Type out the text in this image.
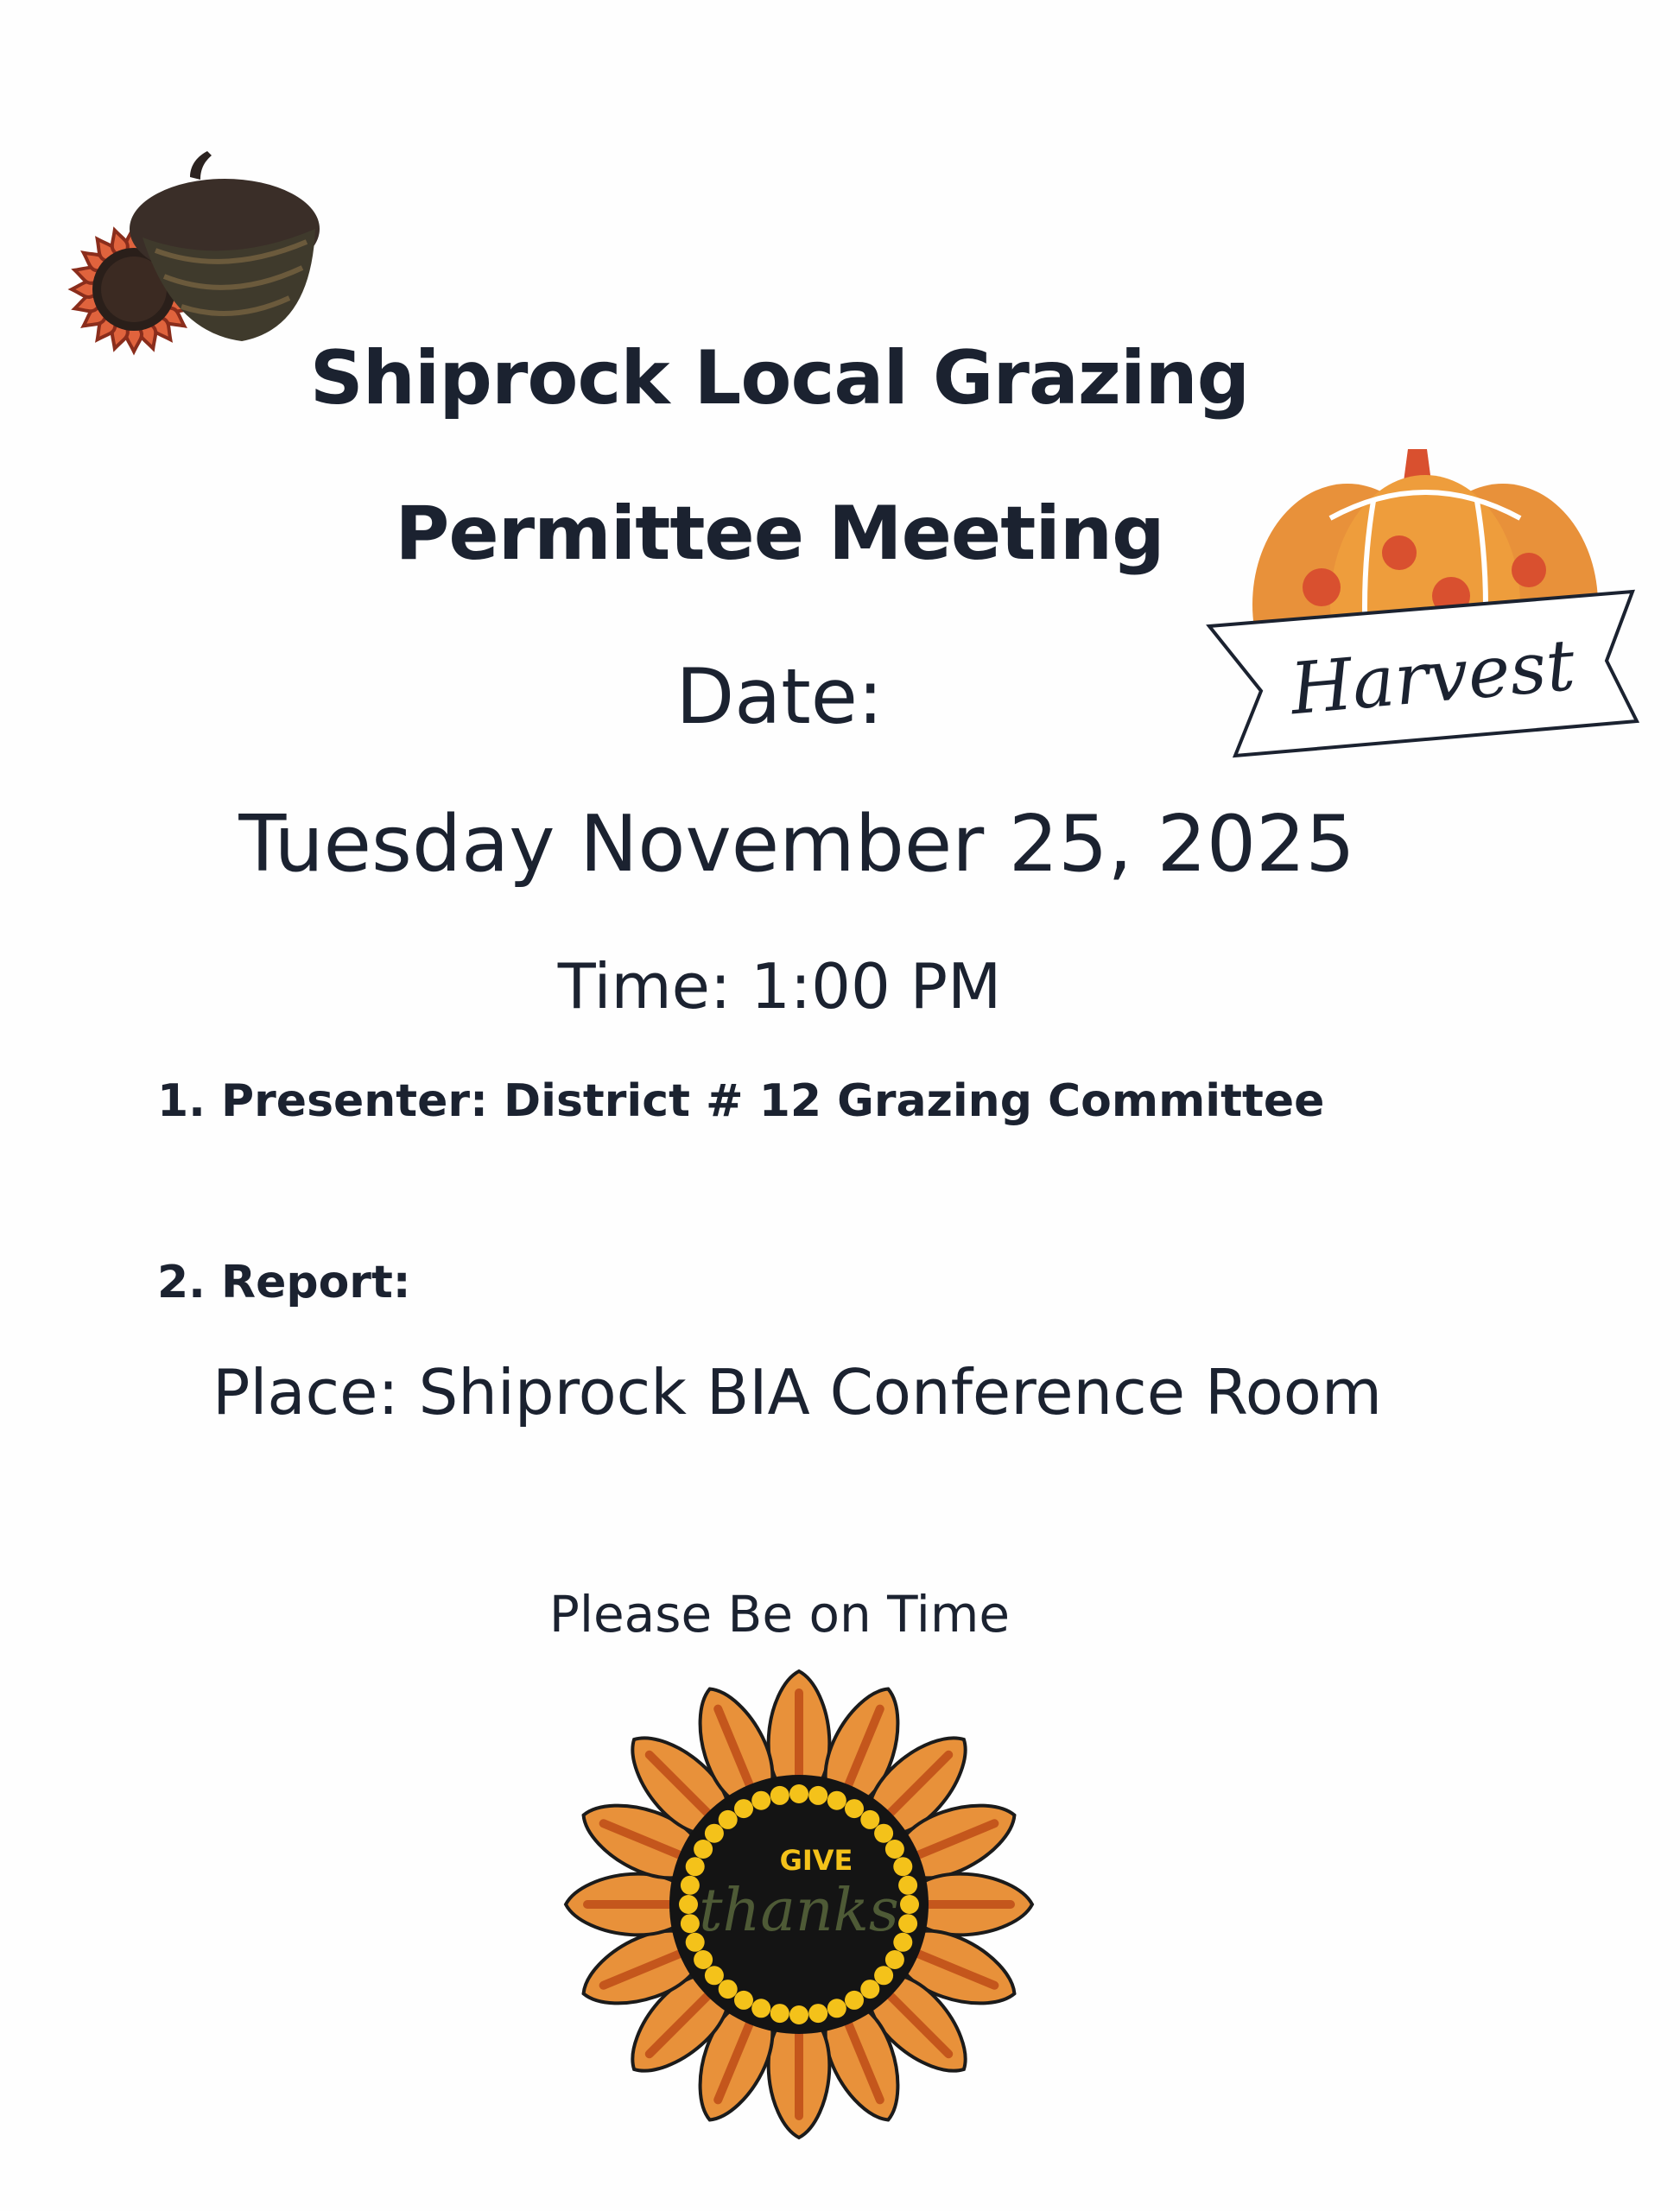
Shiprock Local Grazing
Permittee Meeting
Harvest
Date:
Tuesday November 25, 2025
Time: 1:00 PM
1. Presenter: District # 12 Grazing Committee
2. Report:
Place: Shiprock BIA Conference Room
Please Be on Time
GIVE
thanks
